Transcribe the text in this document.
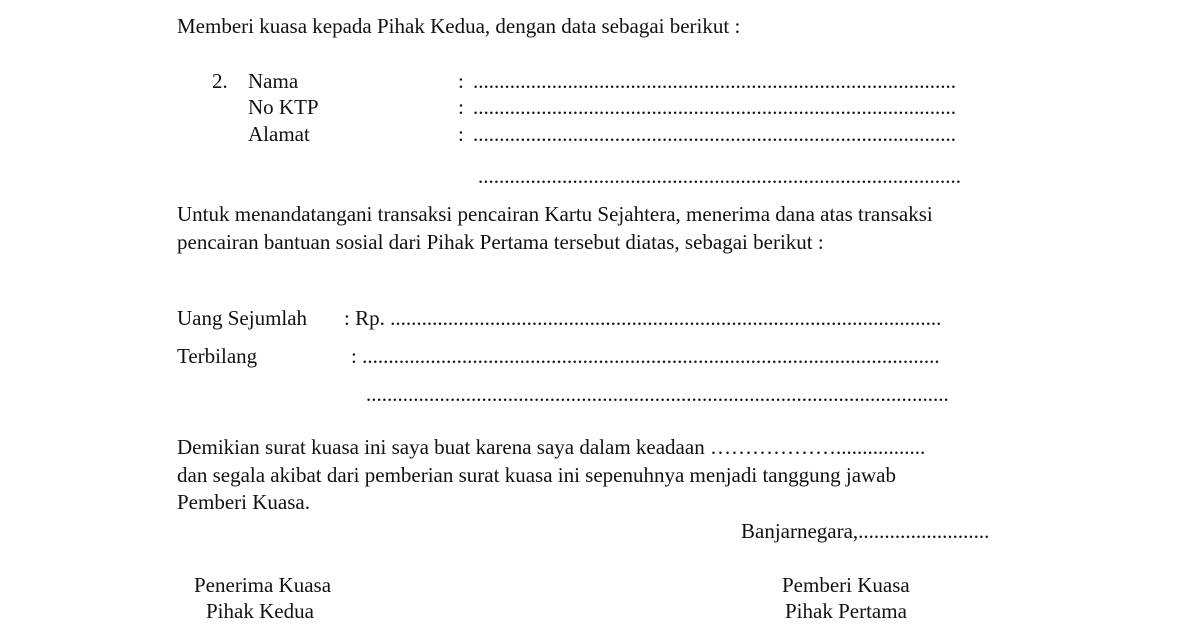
Memberi kuasa kepada Pihak Kedua, dengan data sebagai berikut :
2. Nama	: ............................................................................................
No KTP	: ............................................................................................
Alamat	: ............................................................................................
............................................................................................
Untuk menandatangani transaksi pencairan Kartu Sejahtera, menerima dana atas transaksi
pencairan bantuan sosial dari Pihak Pertama tersebut diatas, sebagai berikut :
Uang Sejumlah : Rp. .........................................................................................................
Terbilang	: ..............................................................................................................
...............................................................................................................
Demikian surat kuasa ini saya buat karena saya dalam keadaan ……………….................
dan segala akibat dari pemberian surat kuasa ini sepenuhnya menjadi tanggung jawab
Pemberi Kuasa.
Banjarnegara,.........................
Penerima Kuasa
Pihak Kedua
Pemberi Kuasa
Pihak Pertama
